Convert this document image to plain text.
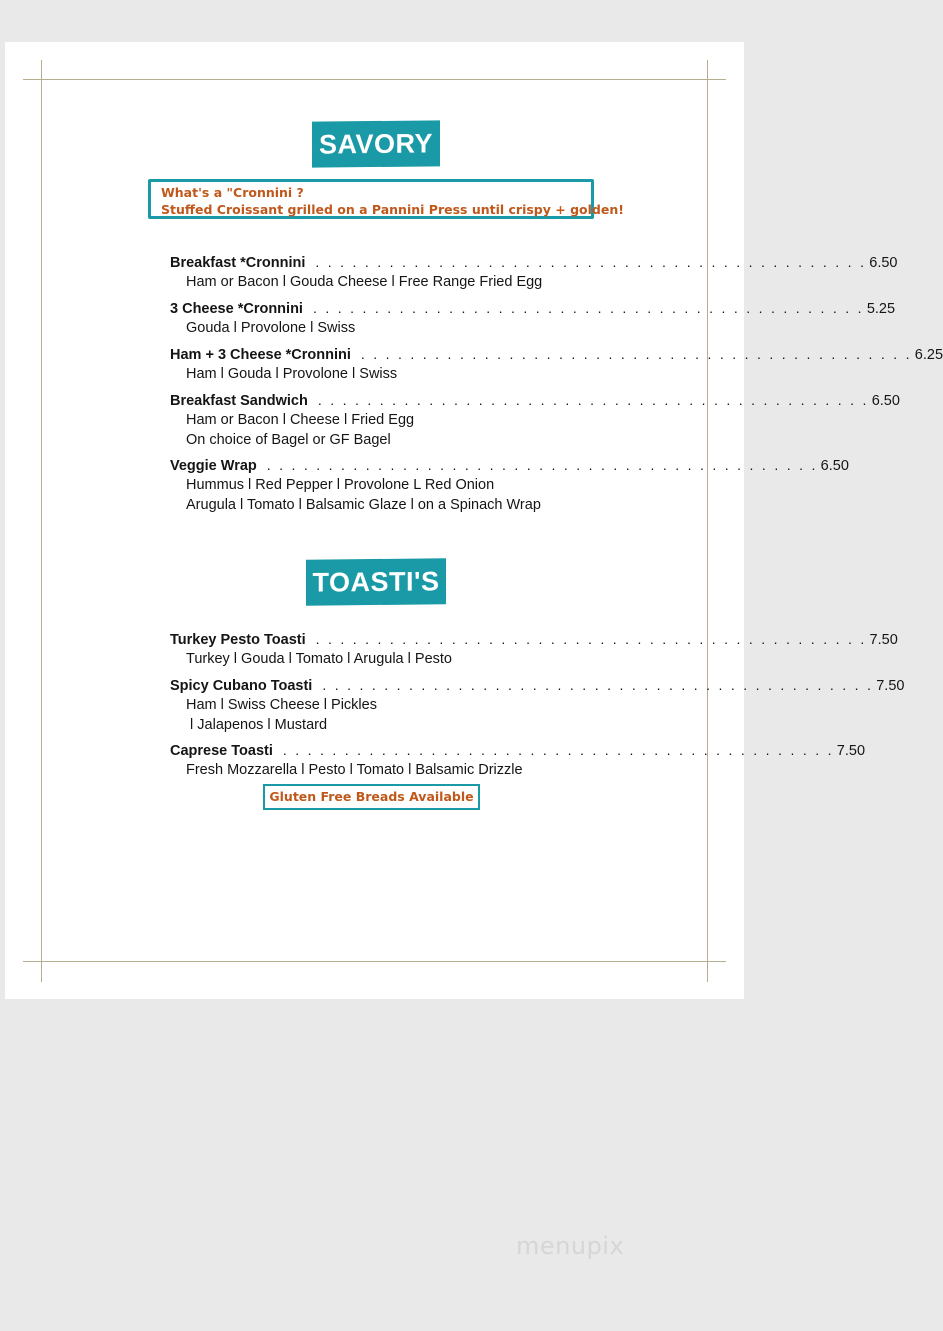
SAVORY
What's a "Cronnini ?
Stuffed Croissant grilled on a Pannini Press until crispy + golden!
Breakfast *Cronnini . . . . . . . . . . . . . . . . . . . . . . . . . . . . . . . . . . . . . . . . . . . . . 6.50
Ham or Bacon l Gouda Cheese l Free Range Fried Egg
3 Cheese *Cronnini . . . . . . . . . . . . . . . . . . . . . . . . . . . . . . . . . . . . . . . . . . . . . 5.25
Gouda l Provolone l Swiss
Ham + 3 Cheese *Cronnini . . . . . . . . . . . . . . . . . . . . . . . . . . . . . . . . . . . . . . . . . . . . . 6.25
Ham l Gouda l Provolone l Swiss
Breakfast Sandwich . . . . . . . . . . . . . . . . . . . . . . . . . . . . . . . . . . . . . . . . . . . . . 6.50
Ham or Bacon l Cheese l Fried Egg
On choice of Bagel or GF Bagel
Veggie Wrap . . . . . . . . . . . . . . . . . . . . . . . . . . . . . . . . . . . . . . . . . . . . . 6.50
Hummus l Red Pepper l Provolone L Red Onion
Arugula l Tomato l Balsamic Glaze l on a Spinach Wrap
TOASTI'S
Turkey Pesto Toasti . . . . . . . . . . . . . . . . . . . . . . . . . . . . . . . . . . . . . . . . . . . . . 7.50
Turkey l Gouda l Tomato l Arugula l Pesto
Spicy Cubano Toasti . . . . . . . . . . . . . . . . . . . . . . . . . . . . . . . . . . . . . . . . . . . . . 7.50
Ham l Swiss Cheese l Pickles
l Jalapenos l Mustard
Caprese Toasti . . . . . . . . . . . . . . . . . . . . . . . . . . . . . . . . . . . . . . . . . . . . . 7.50
Fresh Mozzarella l Pesto l Tomato l Balsamic Drizzle
Gluten Free Breads Available
menupix
